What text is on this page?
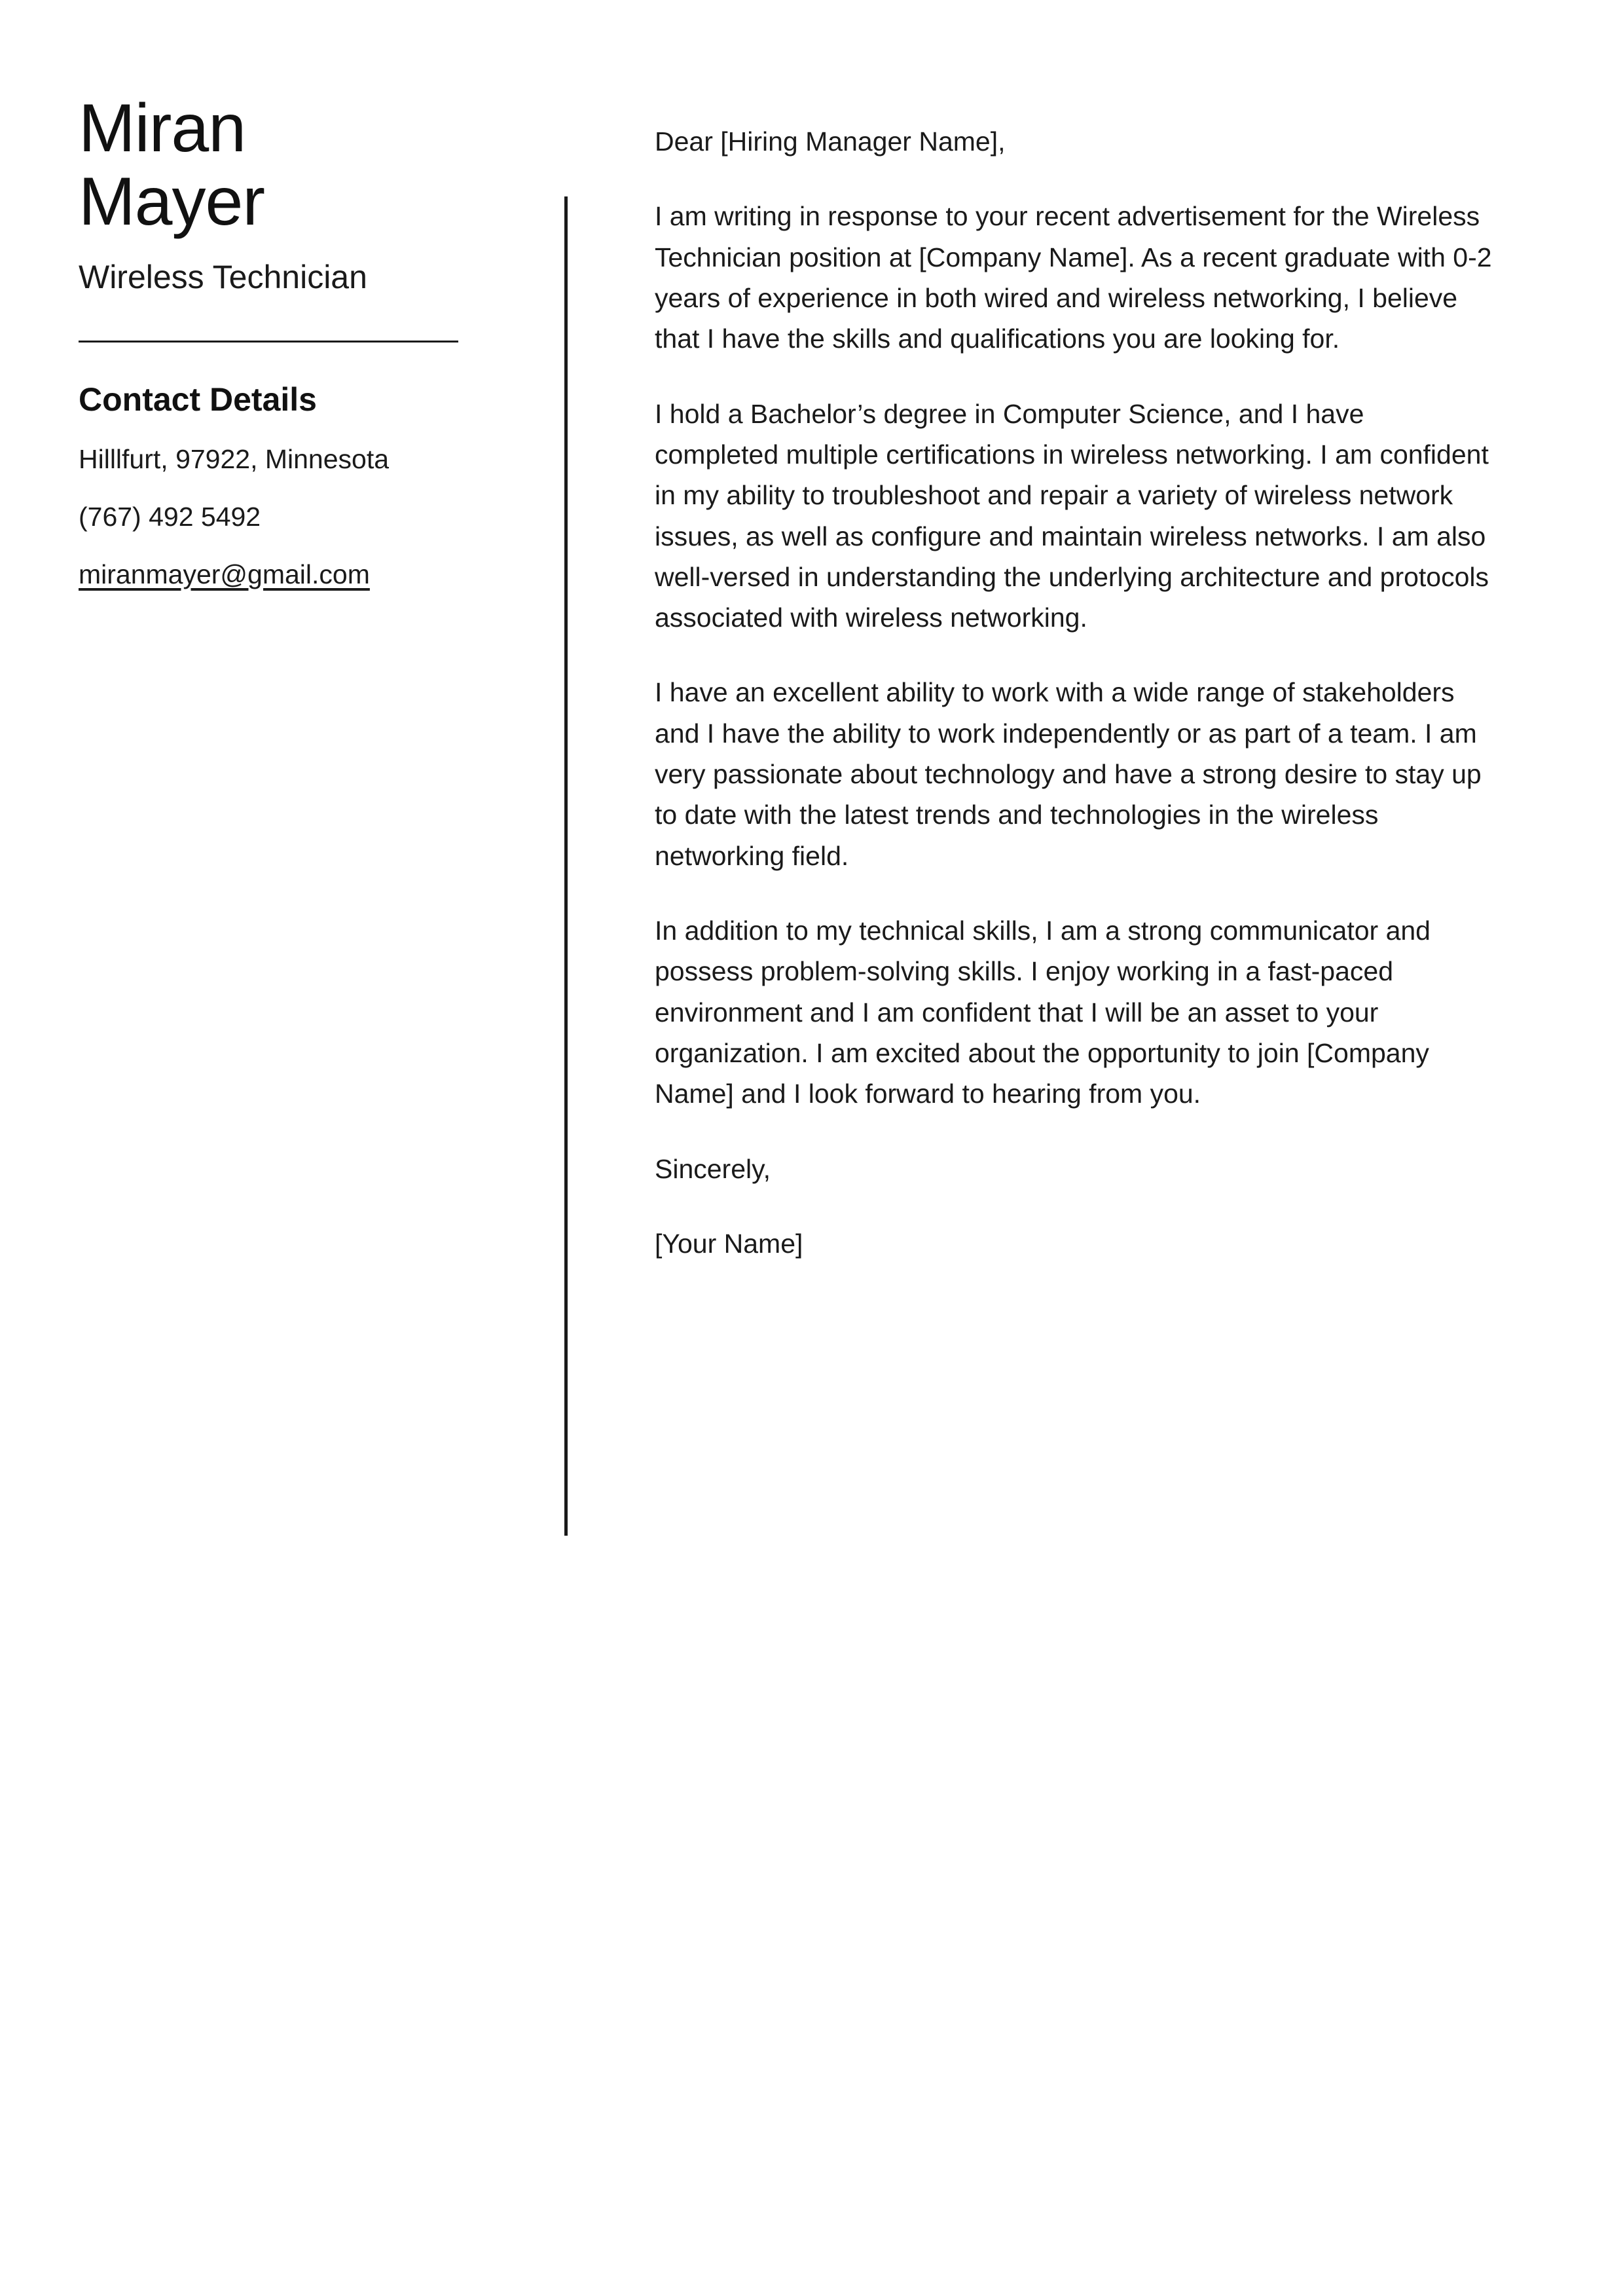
Miran
Mayer
Wireless Technician
Contact Details
Hilllfurt, 97922, Minnesota
(767) 492 5492
miranmayer@gmail.com

Dear [Hiring Manager Name],

I am writing in response to your recent advertisement for the Wireless Technician position at [Company Name]. As a recent graduate with 0-2 years of experience in both wired and wireless networking, I believe that I have the skills and qualifications you are looking for.

I hold a Bachelor’s degree in Computer Science, and I have completed multiple certifications in wireless networking. I am confident in my ability to troubleshoot and repair a variety of wireless network issues, as well as configure and maintain wireless networks. I am also well-versed in understanding the underlying architecture and protocols associated with wireless networking.

I have an excellent ability to work with a wide range of stakeholders and I have the ability to work independently or as part of a team. I am very passionate about technology and have a strong desire to stay up to date with the latest trends and technologies in the wireless networking field.

In addition to my technical skills, I am a strong communicator and possess problem-solving skills. I enjoy working in a fast-paced environment and I am confident that I will be an asset to your organization. I am excited about the opportunity to join [Company Name] and I look forward to hearing from you.

Sincerely,

[Your Name]
